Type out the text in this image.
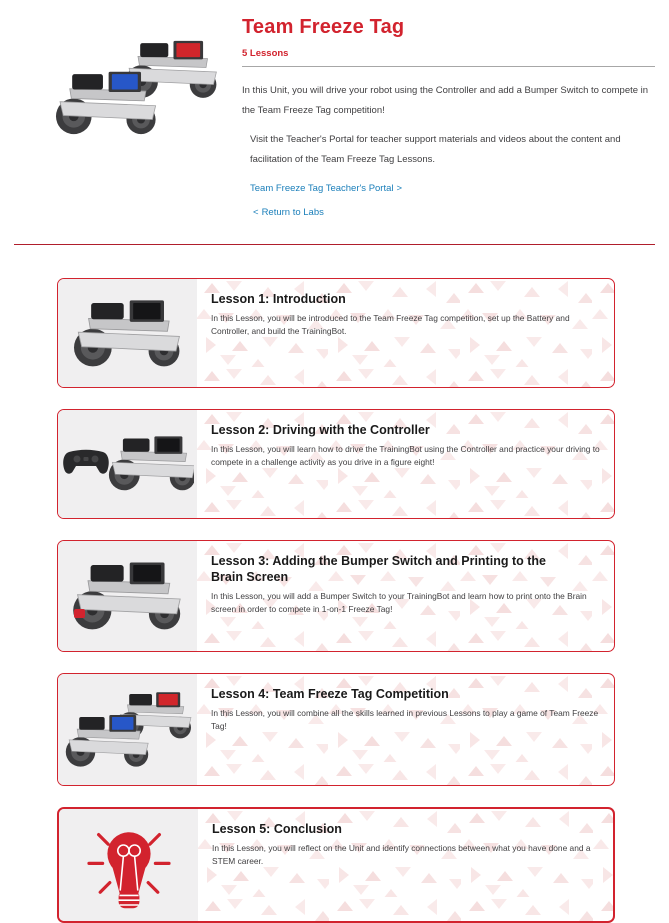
Team Freeze Tag
5 Lessons

In this Unit, you will drive your robot using the Controller and add a Bumper Switch to compete in the Team Freeze Tag competition!

Visit the Teacher's Portal for teacher support materials and videos about the content and facilitation of the Team Freeze Tag Lessons.

Team Freeze Tag Teacher's Portal >
< Return to Labs
Lesson 1: Introduction

In this Lesson, you will be introduced to the Team Freeze Tag competition, set up the Battery and Controller, and build the TrainingBot.

Lesson 2: Driving with the Controller

In this Lesson, you will learn how to drive the TrainingBot using the Controller and practice your driving to compete in a challenge activity as you drive in a figure eight!

Lesson 3: Adding the Bumper Switch and Printing to the Brain Screen

In this Lesson, you will add a Bumper Switch to your TrainingBot and learn how to print onto the Brain screen in order to compete in 1-on-1 Freeze Tag!

Lesson 4: Team Freeze Tag Competition

In this Lesson, you will combine all the skills learned in previous Lessons to play a game of Team Freeze Tag!

Lesson 5: Conclusion

In this Lesson, you will reflect on the Unit and identify connections between what you have done and a STEM career.
